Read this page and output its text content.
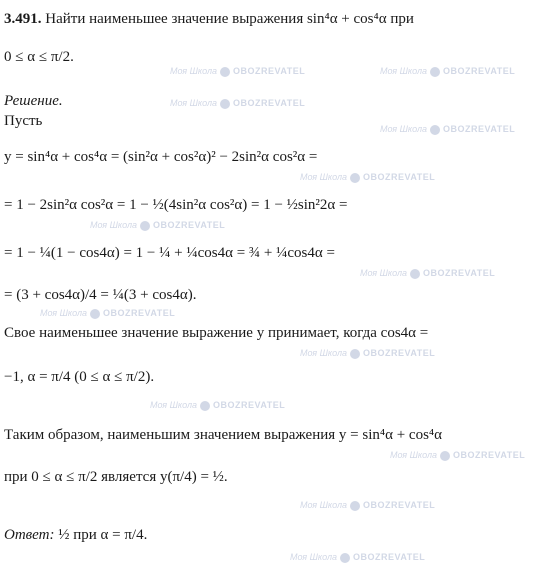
3.491. Найти наименьшее значение выражения sin⁴α + cos⁴α при
0 ≤ α ≤ π/2.
Решение.
Пусть
y = sin⁴α + cos⁴α = (sin²α + cos²α)² − 2sin²α cos²α =
= 1 − 2sin²α cos²α = 1 − ½(4sin²α cos²α) = 1 − ½sin²2α =
= 1 − ¼(1 − cos4α) = 1 − ¼ + ¼cos4α = ¾ + ¼cos4α =
= (3 + cos4α)/4 = ¼(3 + cos4α).
Свое наименьшее значение выражение y принимает, когда cos4α =
−1, α = π/4 (0 ≤ α ≤ π/2).
Таким образом, наименьшим значением выражения y = sin⁴α + cos⁴α
при 0 ≤ α ≤ π/2 является y(π/4) = ½.
Ответ: ½ при α = π/4.
Моя Школа OBOZREVATEL	Моя Школа OBOZREVATEL
Моя Школа OBOZREVATEL
Моя Школа OBOZREVATEL
Моя Школа OBOZREVATEL
Моя Школа OBOZREVATEL
Моя Школа OBOZREVATEL
Моя Школа OBOZREVATEL
Моя Школа OBOZREVATEL
Моя Школа OBOZREVATEL
Моя Школа OBOZREVATEL
Моя Школа OBOZREVATEL
Моя Школа OBOZREVATEL
